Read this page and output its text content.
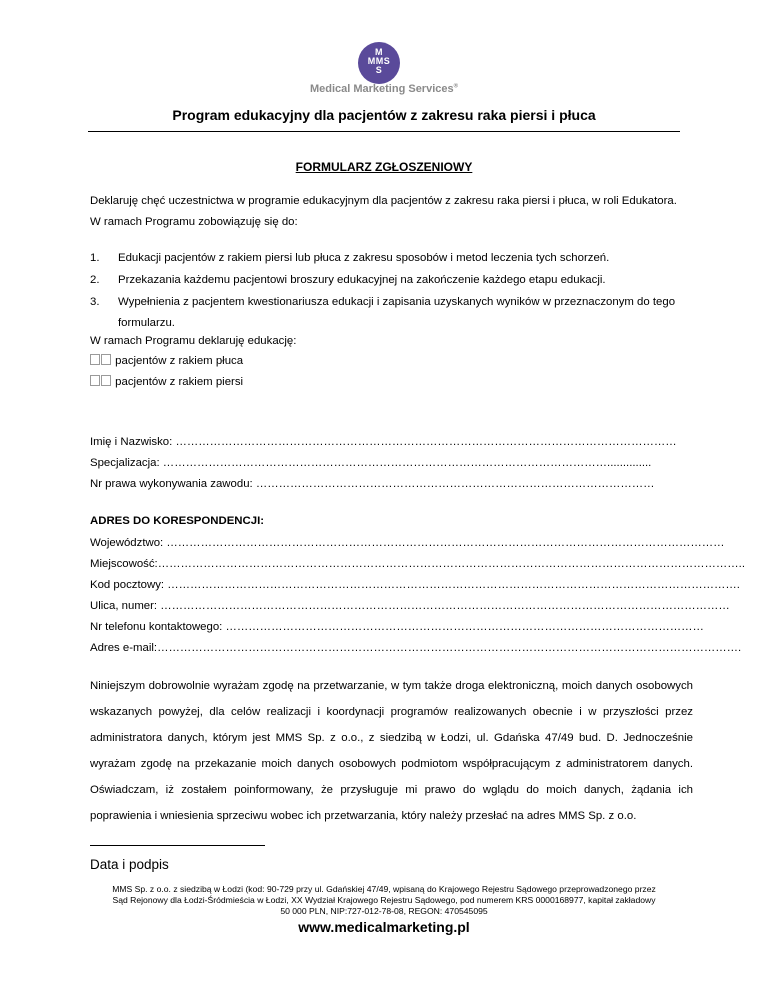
M
MMS
S
Medical Marketing Services®
Program edukacyjny dla pacjentów z zakresu raka piersi i płuca
FORMULARZ ZGŁOSZENIOWY
Deklaruję chęć uczestnictwa w programie edukacyjnym dla pacjentów z zakresu raka piersi i płuca, w roli Edukatora. W ramach Programu zobowiązuję się do:
1. Edukacji pacjentów z rakiem piersi lub płuca z zakresu sposobów i metod leczenia tych schorzeń.
2. Przekazania każdemu pacjentowi broszury edukacyjnej na zakończenie każdego etapu edukacji.
3. Wypełnienia z pacjentem kwestionariusza edukacji i zapisania uzyskanych wyników w przeznaczonym do tego formularzu.
W ramach Programu deklaruję edukację:
pacjentów z rakiem płuca
pacjentów z rakiem piersi
Imię i Nazwisko: ……………………………………………………………………………………………………………………
Specjalizacja: ………………………………………………………………………………………………………..............
Nr prawa wykonywania zawodu: ……………………………………………………………………………………………
ADRES DO KORESPONDENCJI:
Województwo: …………………………………………………………………………………………………………………………………
Miejscowość:………………………………………………………………………………………………………………………………………..
Kod pocztowy: …………………………………………………………………………………………………………………………………….
Ulica, numer: ……………………………………………………………………………………………………………………………………
Nr telefonu kontaktowego: ………………………………………………………………………………………………………………
Adres e-mail:……………………………………………………………………………………………………………………………………….
Niniejszym dobrowolnie wyrażam zgodę na przetwarzanie, w tym także droga elektroniczną, moich danych osobowych wskazanych powyżej, dla celów realizacji i koordynacji programów realizowanych obecnie i w przyszłości przez administratora danych, którym jest MMS Sp. z o.o., z siedzibą w Łodzi, ul. Gdańska 47/49 bud. D. Jednocześnie wyrażam zgodę na przekazanie moich danych osobowych podmiotom współpracującym z administratorem danych. Oświadczam, iż zostałem poinformowany, że przysługuje mi prawo do wglądu do moich danych, żądania ich poprawienia i wniesienia sprzeciwu wobec ich przetwarzania, który należy przesłać na adres MMS Sp. z o.o.
Data i podpis
MMS Sp. z o.o. z siedzibą w Łodzi (kod: 90-729 przy ul. Gdańskiej 47/49, wpisaną do Krajowego Rejestru Sądowego przeprowadzonego przez
Sąd Rejonowy dla Łodzi-Śródmieścia w Łodzi, XX Wydział Krajowego Rejestru Sądowego, pod numerem KRS 0000168977, kapitał zakładowy
50 000 PLN, NIP:727-012-78-08, REGON: 470545095
www.medicalmarketing.pl
